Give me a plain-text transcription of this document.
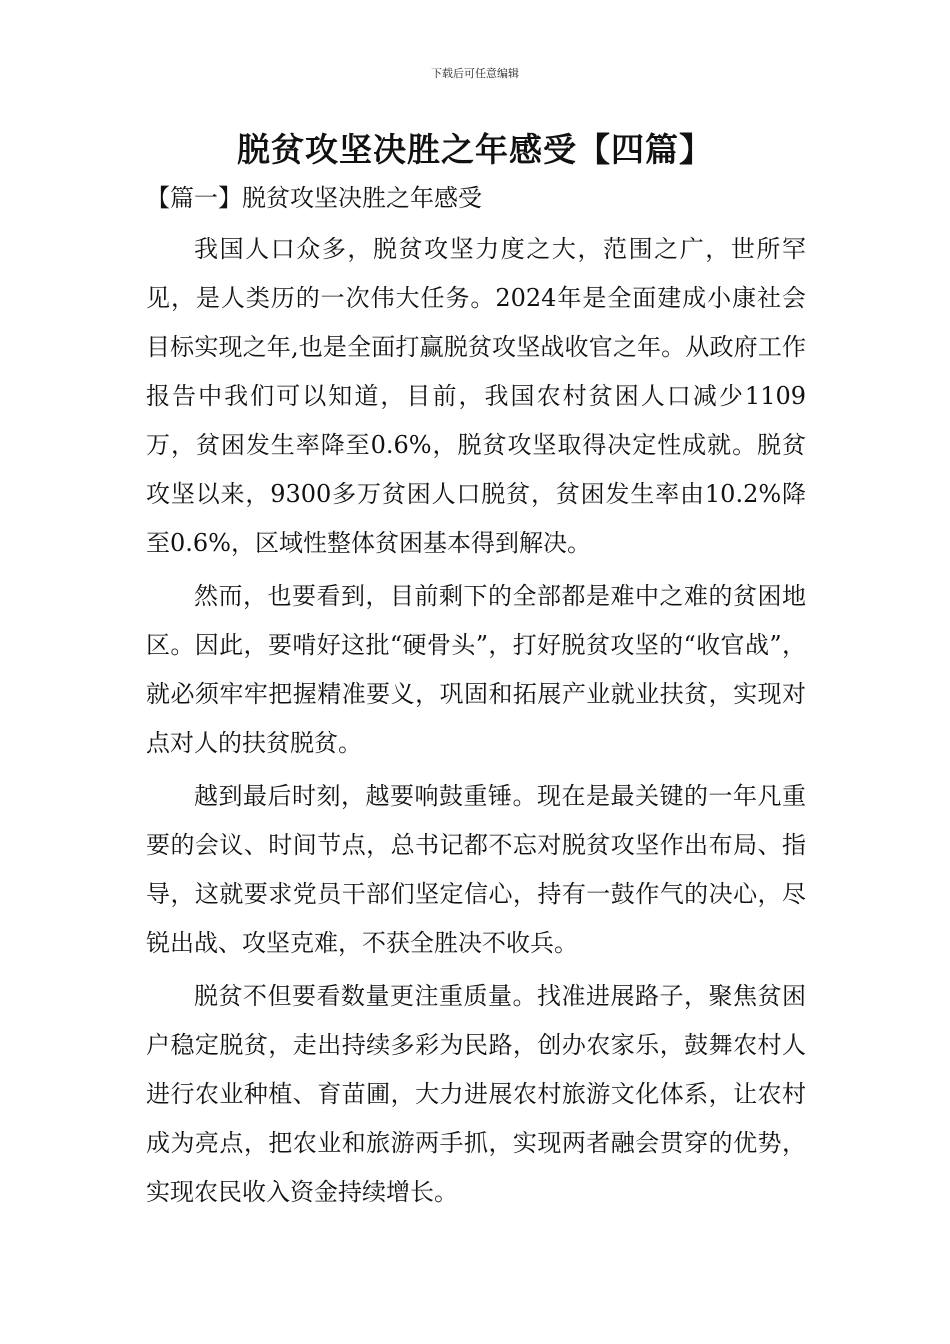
下载后可任意编辑
脱贫攻坚决胜之年感受【四篇】
【篇一】脱贫攻坚决胜之年感受

我国人口众多，脱贫攻坚力度之大，范围之广，世所罕见，是人类历的一次伟大任务。2024年是全面建成小康社会目标实现之年,也是全面打赢脱贫攻坚战收官之年。从政府工作报告中我们可以知道，目前，我国农村贫困人口减少1109万，贫困发生率降至0.6%，脱贫攻坚取得决定性成就。脱贫攻坚以来，9300多万贫困人口脱贫，贫困发生率由10.2%降至0.6%，区域性整体贫困基本得到解决。

然而，也要看到，目前剩下的全部都是难中之难的贫困地区。因此，要啃好这批“硬骨头”，打好脱贫攻坚的“收官战”，就必须牢牢把握精准要义，巩固和拓展产业就业扶贫，实现对点对人的扶贫脱贫。

越到最后时刻，越要响鼓重锤。现在是最关键的一年凡重要的会议、时间节点，总书记都不忘对脱贫攻坚作出布局、指导，这就要求党员干部们坚定信心，持有一鼓作气的决心，尽锐出战、攻坚克难，不获全胜决不收兵。

脱贫不但要看数量更注重质量。找准进展路子，聚焦贫困户稳定脱贫，走出持续多彩为民路，创办农家乐，鼓舞农村人进行农业种植、育苗圃，大力进展农村旅游文化体系，让农村成为亮点，把农业和旅游两手抓，实现两者融会贯穿的优势，实现农民收入资金持续增长。
